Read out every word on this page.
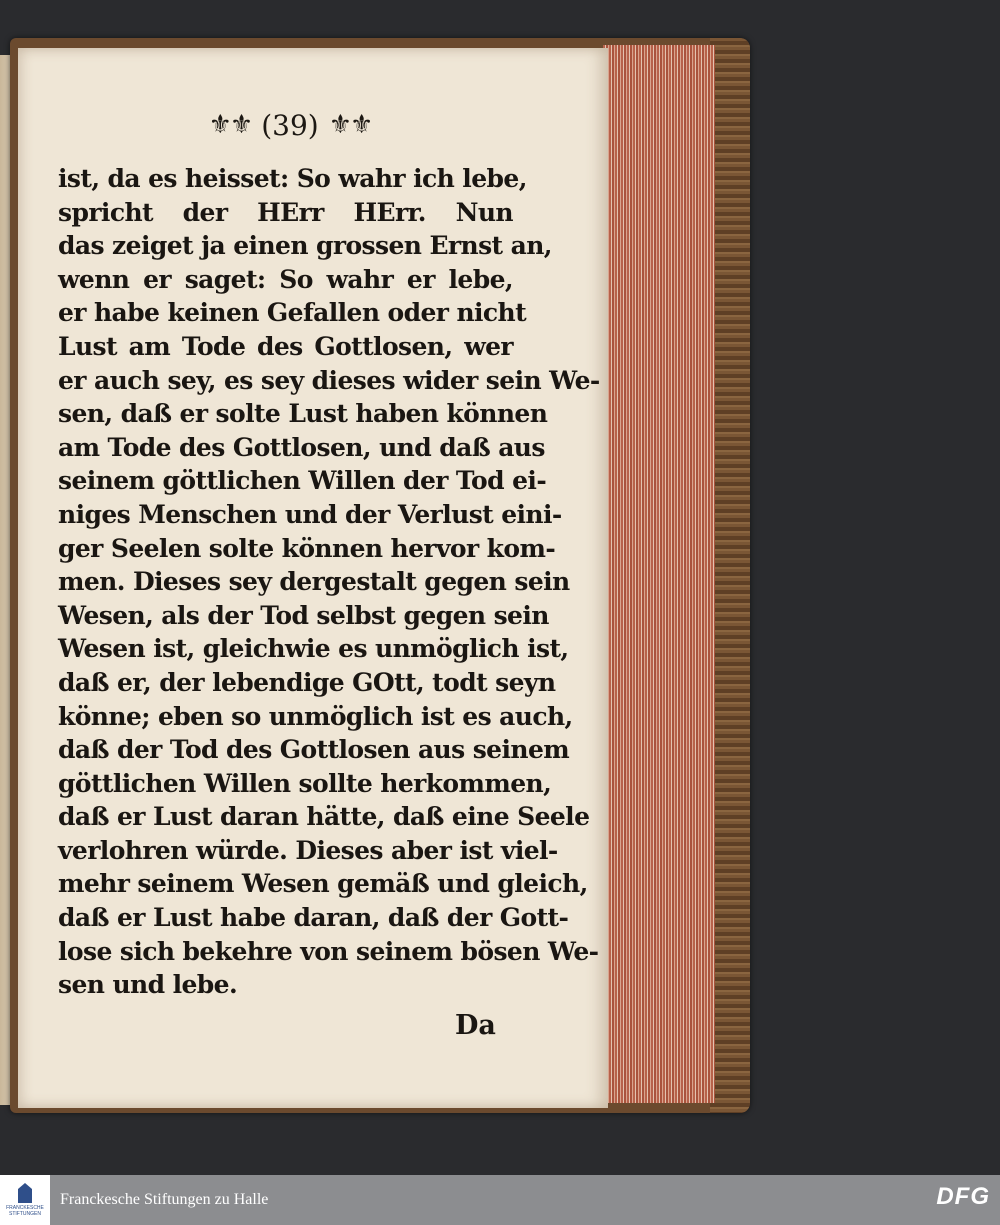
⚜⚜ (39) ⚜⚜
ist, da es heisset: So wahr ich lebe,
spricht der HErr HErr. Nun
das zeiget ja einen grossen Ernst an,
wenn er saget: So wahr er lebe,
er habe keinen Gefallen oder nicht
Lust am Tode des Gottlosen, wer
er auch sey, es sey dieses wider sein We-
sen, daß er solte Lust haben können
am Tode des Gottlosen, und daß aus
seinem göttlichen Willen der Tod ei-
niges Menschen und der Verlust eini-
ger Seelen solte können hervor kom-
men. Dieses sey dergestalt gegen sein
Wesen, als der Tod selbst gegen sein
Wesen ist, gleichwie es unmöglich ist,
daß er, der lebendige GOtt, todt seyn
könne; eben so unmöglich ist es auch,
daß der Tod des Gottlosen aus seinem
göttlichen Willen sollte herkommen,
daß er Lust daran hätte, daß eine Seele
verlohren würde. Dieses aber ist viel-
mehr seinem Wesen gemäß und gleich,
daß er Lust habe daran, daß der Gott-
lose sich bekehre von seinem bösen We-
sen und lebe.
Da
FRANCKESCHE
STIFTUNGEN
Franckesche Stiftungen zu Halle	DFG
